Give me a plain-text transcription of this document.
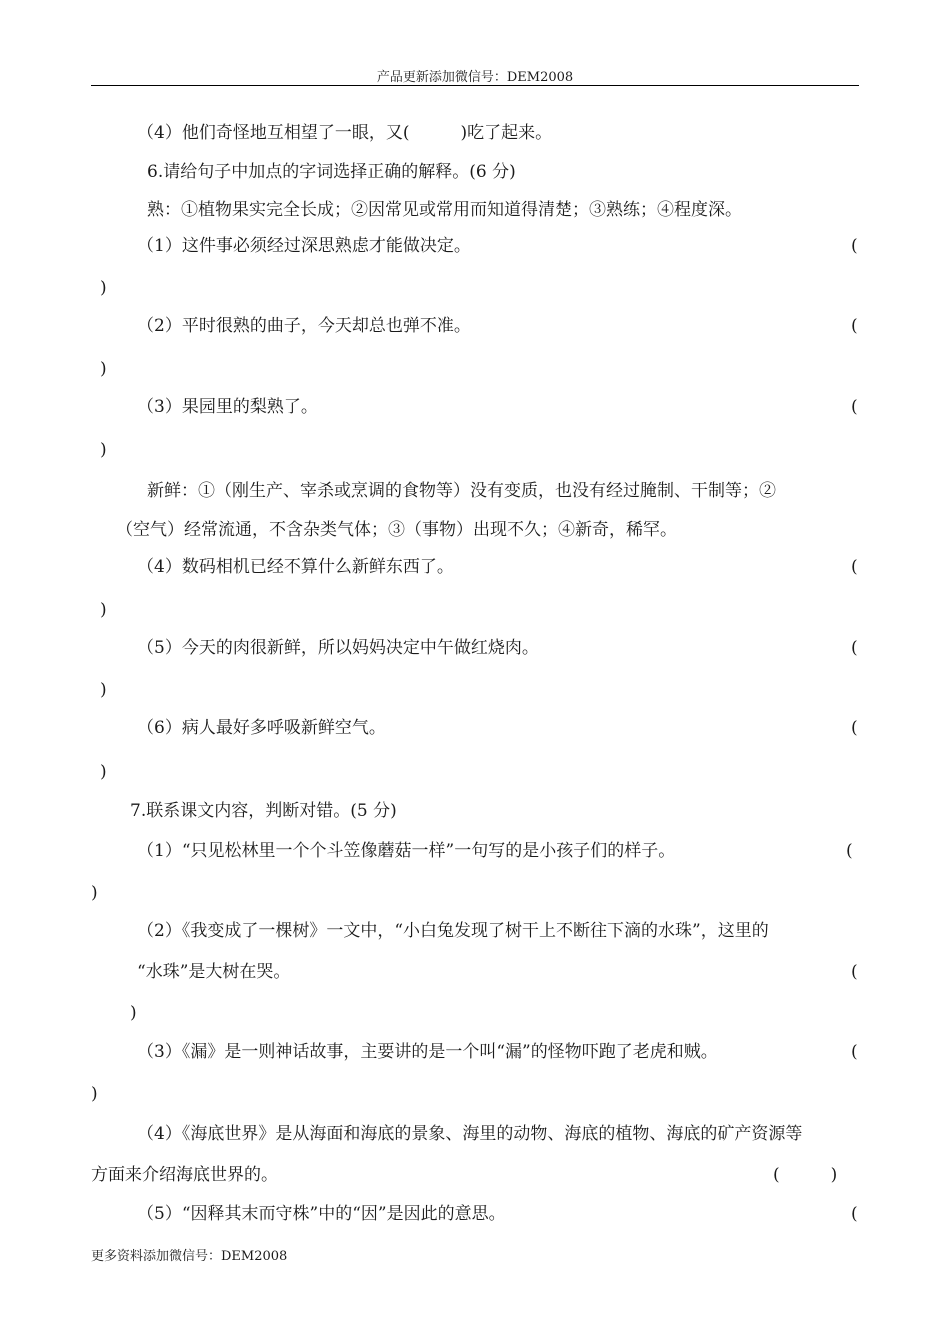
产品更新添加微信号：DEM2008
（4）他们奇怪地互相望了一眼，又(　　　)吃了起来。
6.请给句子中加点的字词选择正确的解释。(6 分)
熟：①植物果实完全长成；②因常见或常用而知道得清楚；③熟练；④程度深。
（1）这件事必须经过深思熟虑才能做决定。	(
)
（2）平时很熟的曲子，今天却总也弹不准。	(
)
（3）果园里的梨熟了。	(
)
新鲜：①（刚生产、宰杀或烹调的食物等）没有变质，也没有经过腌制、干制等；②
（空气）经常流通，不含杂类气体；③（事物）出现不久；④新奇，稀罕。
（4）数码相机已经不算什么新鲜东西了。	(
)
（5）今天的肉很新鲜，所以妈妈决定中午做红烧肉。	(
)
（6）病人最好多呼吸新鲜空气。	(
)
7.联系课文内容，判断对错。(5 分)
（1）“只见松林里一个个斗笠像蘑菇一样”一句写的是小孩子们的样子。	(
)
（2）《我变成了一棵树》一文中，“小白兔发现了树干上不断往下滴的水珠”，这里的
“水珠”是大树在哭。	(
)
（3）《漏》是一则神话故事，主要讲的是一个叫“漏”的怪物吓跑了老虎和贼。	(
)
（4）《海底世界》是从海面和海底的景象、海里的动物、海底的植物、海底的矿产资源等
方面来介绍海底世界的。	(　　　)
（5）“因释其末而守株”中的“因”是因此的意思。	(
更多资料添加微信号：DEM2008
